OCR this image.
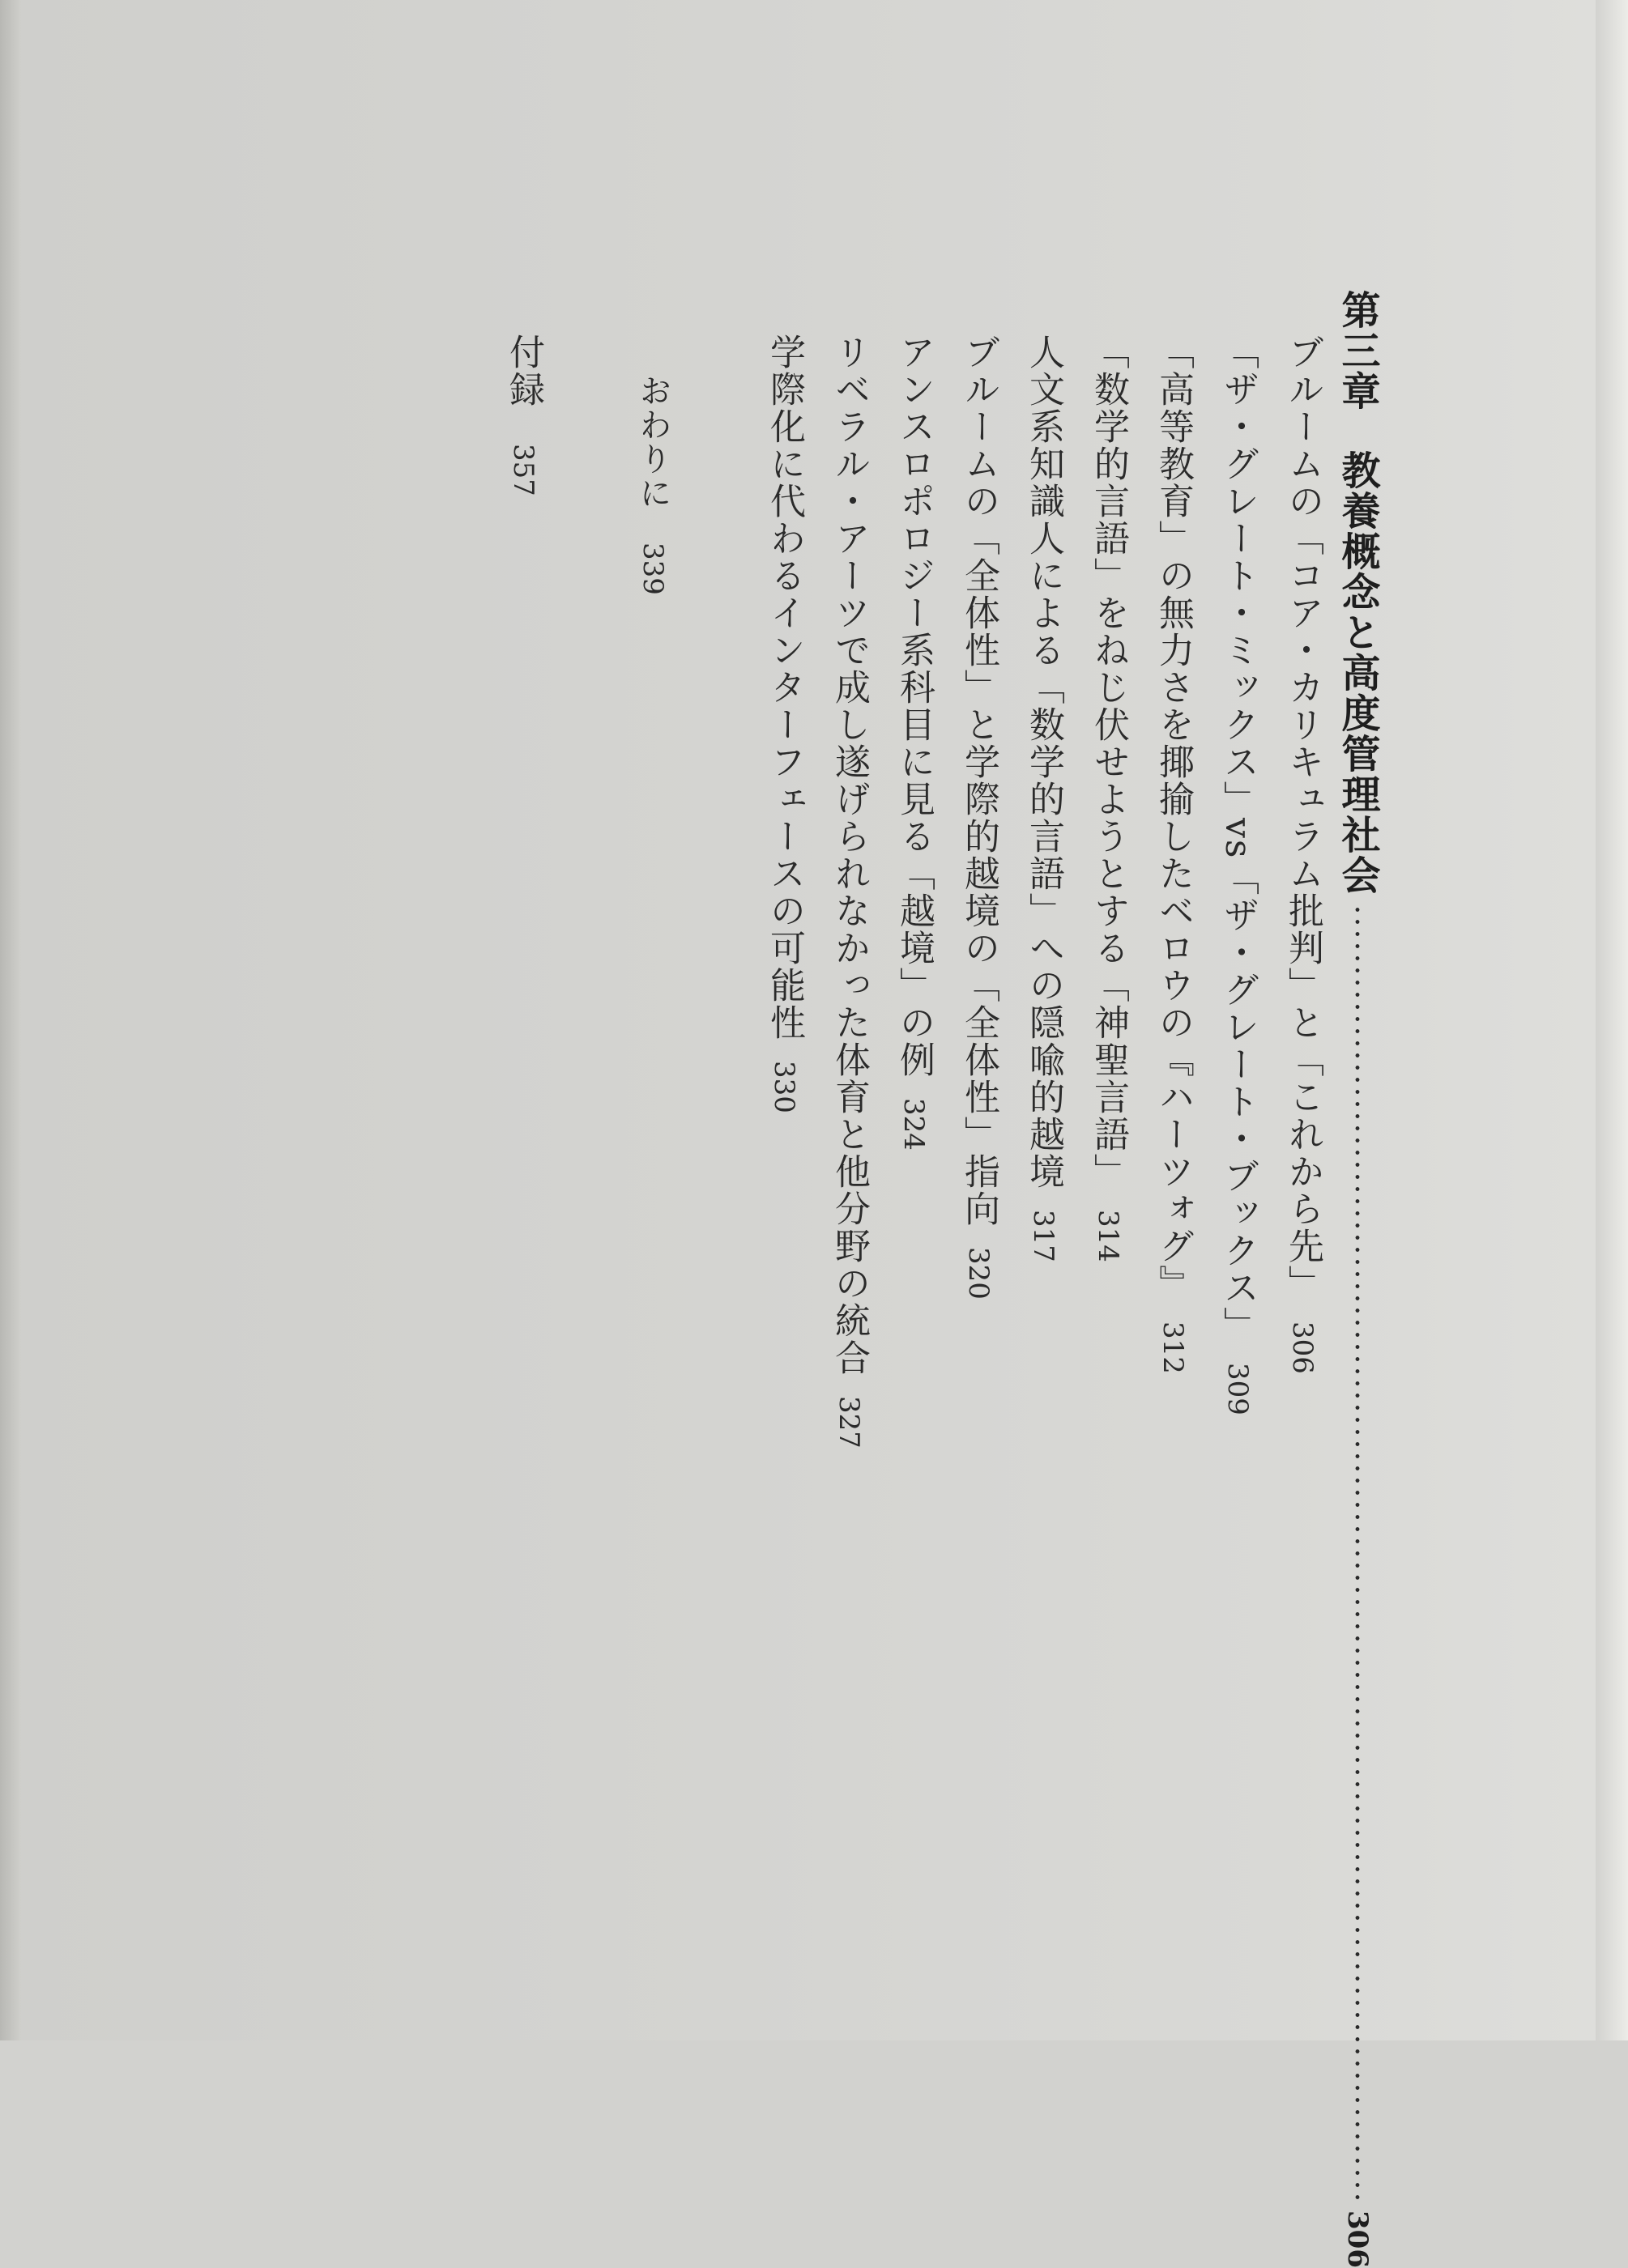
第三章教養概念と高度管理社会306
ブルームの「コア・カリキュラム批判」と「これから先」306
「ザ・グレート・ミックス」vs「ザ・グレート・ブックス」309
「高等教育」の無力さを揶揄したベロウの『ハーツォグ』312
「数学的言語」をねじ伏せようとする「神聖言語」314
人文系知識人による「数学的言語」への隠喩的越境317
ブルームの「全体性」と学際的越境の「全体性」指向320
アンスロポロジー系科目に見る「越境」の例324
リベラル・アーツで成し遂げられなかった体育と他分野の統合327
学際化に代わるインターフェースの可能性330
おわりに339
付録357
